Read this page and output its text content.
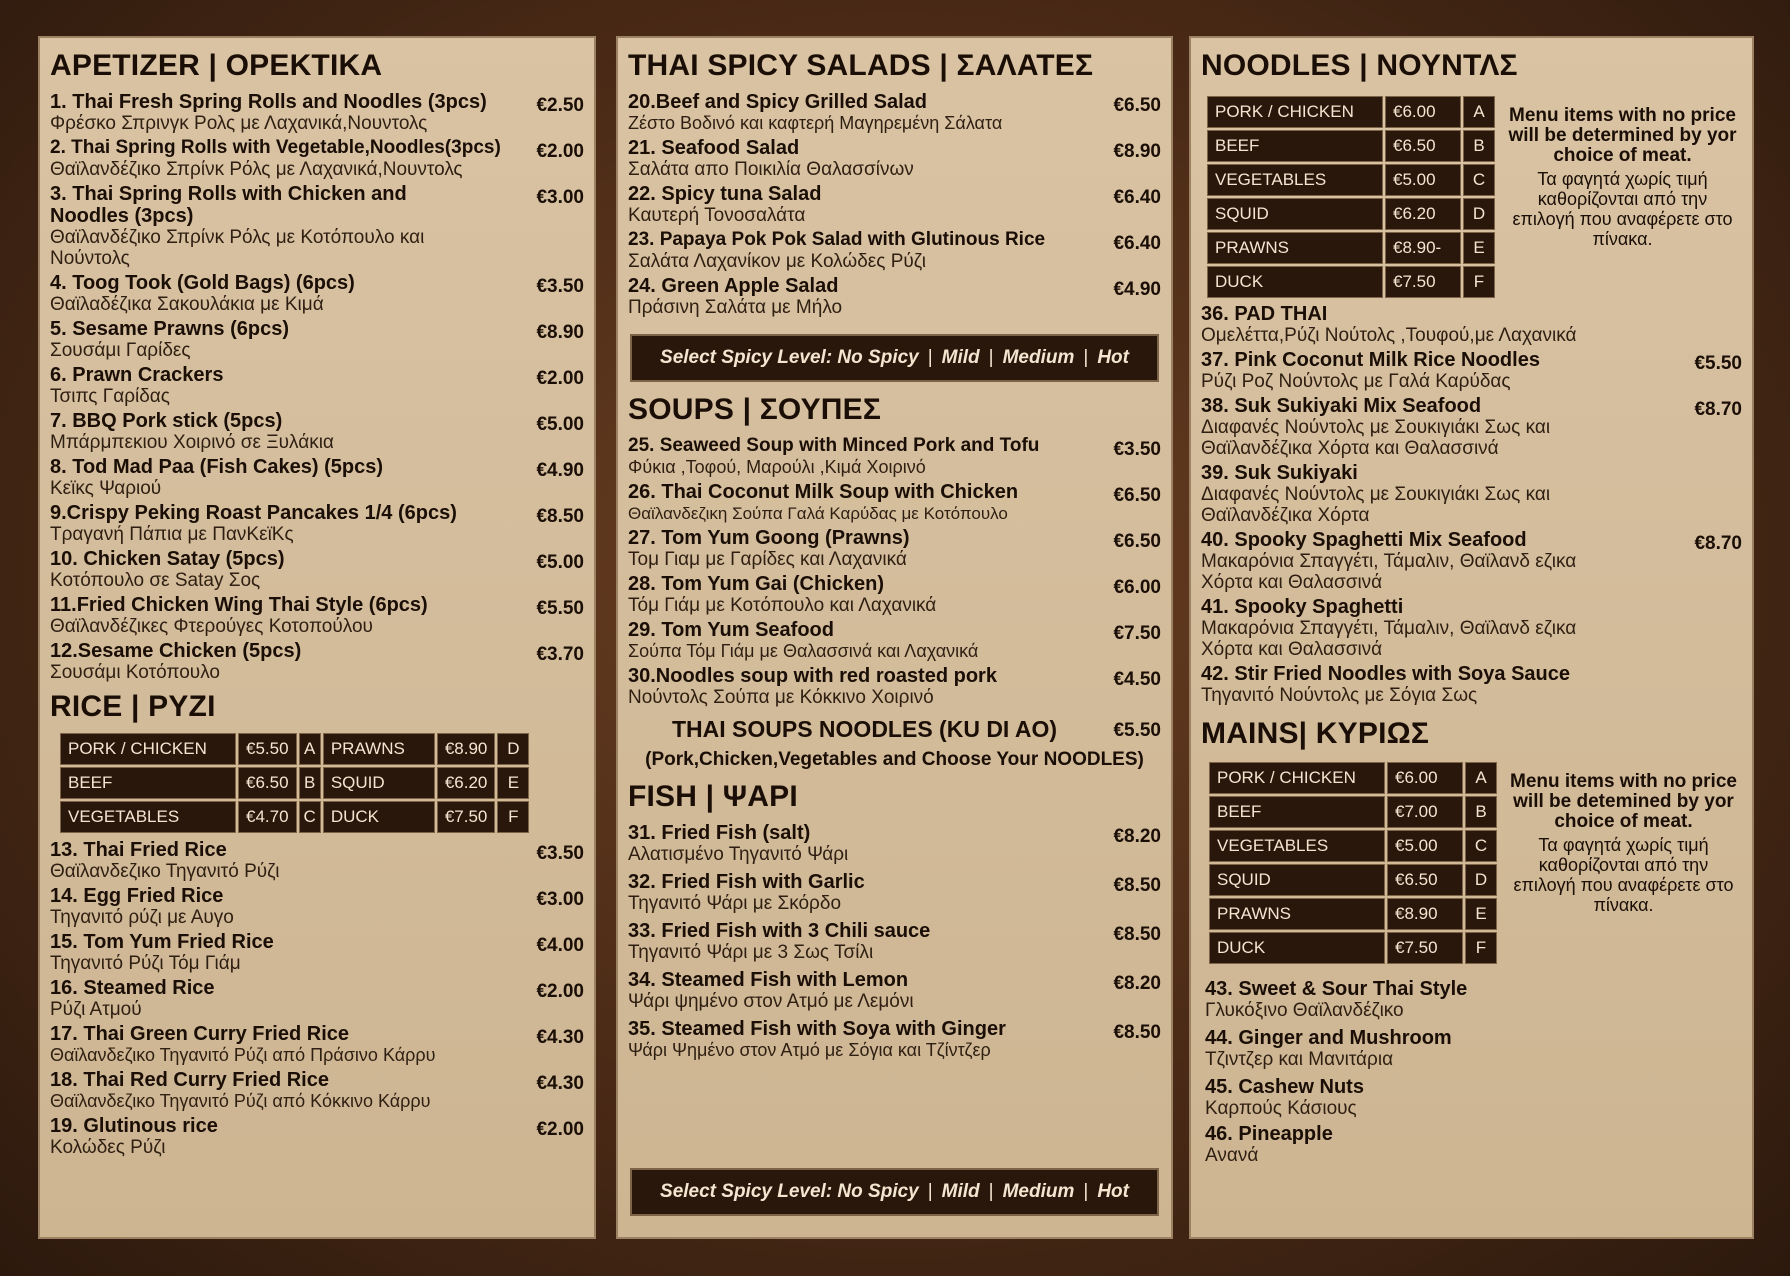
APETIZER | ΟΡΕΚΤΙΚΑ
1. Thai Fresh Spring Rolls and Noodles (3pcs)
Φρέσκο Σπρινγκ Ρολς με Λαχανικά,Νουντολς
€2.50
2. Thai Spring Rolls with Vegetable,Noodles(3pcs)
Θαϊλανδέζικο Σπρίνκ Ρόλς με Λαχανικά,Νουντολς
€2.00
3. Thai Spring Rolls with Chicken and Noodles (3pcs)
Θαϊλανδέζικο Σπρίνκ Ρόλς με Κοτόπουλο και Νούντολς
€3.00
4. Toog Took (Gold Bags) (6pcs)
Θαϊλαδέζικα Σακουλάκια με Κιμά
€3.50
5. Sesame Prawns (6pcs)
Σουσάμι Γαρίδες
€8.90
6. Prawn Crackers
Τσιπς Γαρίδας
€2.00
7. BBQ Pork stick (5pcs)
Μπάρμπεκιου Χοιρινό σε Ξυλάκια
€5.00
8. Tod Mad Paa (Fish Cakes) (5pcs)
Κεϊκς Ψαριού
€4.90
9.Crispy Peking Roast Pancakes 1/4 (6pcs)
Τραγανή Πάπια με ΠανΚεϊΚς
€8.50
10. Chicken Satay (5pcs)
Κοτόπουλο σε Satay Σος
€5.00
11.Fried Chicken Wing Thai Style (6pcs)
Θαϊλανδέζικες Φτερούγες Κοτοπούλου
€5.50
12.Sesame Chicken (5pcs)
Σουσάμι Κοτόπουλο
€3.70
RICE | ΡΥΖΙ
PORK / CHICKEN	€5.50	A	PRAWNS	€8.90	D
BEEF	€6.50	B	SQUID	€6.20	E
VEGETABLES	€4.70	C	DUCK	€7.50	F
13. Thai Fried Rice
Θαϊλανδεζικο Τηγανιτό Ρύζι
€3.50
14. Egg Fried Rice
Τηγανιτό ρύζι με Αυγο
€3.00
15. Tom Yum Fried Rice
Τηγανιτό Ρύζι Τόμ Γιάμ
€4.00
16. Steamed Rice
Ρύζι Ατμού
€2.00
17. Thai Green Curry Fried Rice
Θαϊλανδεζικο Τηγανιτό Ρύζι από Πράσινο Κάρρυ
€4.30
18. Thai Red Curry Fried Rice
Θαϊλανδεζικο Τηγανιτό Ρύζι από Κόκκινο Κάρρυ
€4.30
19. Glutinous rice
Κολώδες Ρύζι
€2.00
THAI SPICY SALADS | ΣΑΛΑΤΕΣ
20.Beef and Spicy Grilled Salad
Ζέστο Βοδινό και καφτερή Μαγηρεμένη Σάλατα
€6.50
21. Seafood Salad
Σαλάτα απο Ποικιλία Θαλασσίνων
€8.90
22. Spicy tuna Salad
Καυτερή Τονοσαλάτα
€6.40
23. Papaya Pok Pok Salad with Glutinous Rice
Σαλάτα Λαχανίκον με Κολώδες Ρύζι
€6.40
24. Green Apple Salad
Πράσινη Σαλάτα με Μήλο
€4.90
Select Spicy Level: No Spicy | Mild | Medium | Hot
SOUPS | ΣΟΥΠΕΣ
25. Seaweed Soup with Minced Pork and Tofu
Φύκια ,Τοφού, Μαρούλι ,Κιμά Χοιρινό
€3.50
26. Thai Coconut Milk Soup with Chicken
Θαϊλανδεζικη Σούπα Γαλά Καρύδας με Κοτόπουλο
€6.50
27. Tom Yum Goong (Prawns)
Τομ Γιαμ με Γαρίδες και Λαχανικά
€6.50
28. Tom Yum Gai (Chicken)
Τόμ Γιάμ με Κοτόπουλο και Λαχανικά
€6.00
29. Tom Yum Seafood
Σούπα Τόμ Γιάμ με Θαλασσινά και Λαχανικά
€7.50
30.Noodles soup with red roasted pork
Νούντολς Σούπα με Κόκκινο Χοιρινό
€4.50
THAI SOUPS NOODLES (KU DI AO)	€5.50
(Pork,Chicken,Vegetables and Choose Your NOODLES)
FISH | ΨΑΡΙ
31. Fried Fish (salt)
Αλατισμένο Τηγανιτό Ψάρι
€8.20
32. Fried Fish with Garlic
Τηγανιτό Ψάρι με Σκόρδο
€8.50
33. Fried Fish with 3 Chili sauce
Τηγανιτό Ψάρι με 3 Σως Τσίλι
€8.50
34. Steamed Fish with Lemon
Ψάρι ψημένο στον Ατμό με Λεμόνι
€8.20
35. Steamed Fish with Soya with Ginger
Ψάρι Ψημένο στον Ατμό με Σόγια και Τζίντζερ
€8.50
Select Spicy Level: No Spicy | Mild | Medium | Hot
NOODLES | ΝΟΥΝΤΛΣ
PORK / CHICKEN	€6.00	A
BEEF	€6.50	B
VEGETABLES	€5.00	C
SQUID	€6.20	D
PRAWNS	€8.90-	E
DUCK	€7.50	F
Menu items with no price will be determined by yor choice of meat.
Τα φαγητά χωρίς τιμή καθορίζονται από την επιλογή που αναφέρετε στο πίνακα.
36. PAD THAI
Ομελέττα,Ρύζι Νούτολς ,Τουφού,με Λαχανικά
37. Pink Coconut Milk Rice Noodles
Ρύζι Ροζ Νούντολς με Γαλά Καρύδας
€5.50
38. Suk Sukiyaki Mix Seafood
Διαφανές Νούντολς με Σουκιγιάκι Σως και Θαϊλανδέζικα Χόρτα και Θαλασσινά
€8.70
39. Suk Sukiyaki
Διαφανές Νούντολς με Σουκιγιάκι Σως και Θαϊλανδέζικα Χόρτα
40. Spooky Spaghetti Mix Seafood
Μακαρόνια Σπαγγέτι, Τάμαλιν, Θαϊλανδ εζικα Χόρτα και Θαλασσινά
€8.70
41. Spooky Spaghetti
Μακαρόνια Σπαγγέτι, Τάμαλιν, Θαϊλανδ εζικα Χόρτα και Θαλασσινά
42. Stir Fried Noodles with Soya Sauce
Τηγανιτό Νούντολς με Σόγια Σως
MAINS| ΚΥΡΙΩΣ
PORK / CHICKEN	€6.00	A
BEEF	€7.00	B
VEGETABLES	€5.00	C
SQUID	€6.50	D
PRAWNS	€8.90	E
DUCK	€7.50	F
Menu items with no price will be detemined by yor choice of meat.
Τα φαγητά χωρίς τιμή καθορίζονται από την επιλογή που αναφέρετε στο πίνακα.
43. Sweet & Sour Thai Style
Γλυκόξινο Θαϊλανδέζικο
44. Ginger and Mushroom
Τζιντζερ και Μανιτάρια
45. Cashew Nuts
Καρπούς Κάσιους
46. Pineapple
Ανανά
